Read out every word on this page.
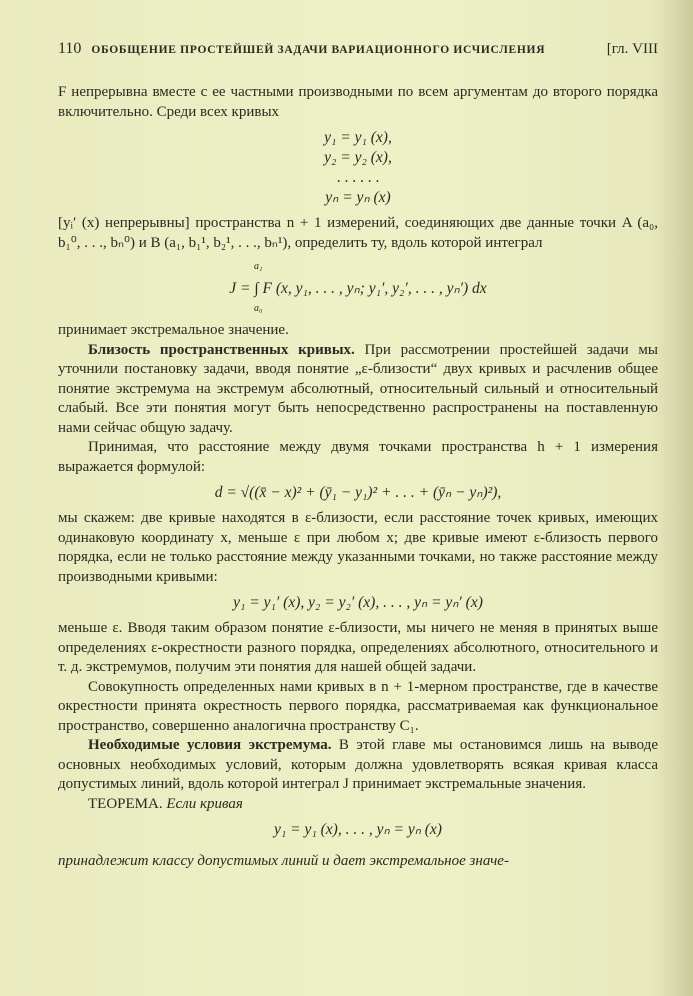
110 ОБОБЩЕНИЕ ПРОСТЕЙШЕЙ ЗАДАЧИ ВАРИАЦИОННОГО ИСЧИСЛЕНИЯ	[гл. VIII

F непрерывна вместе с ее частными производными по всем аргументам до второго порядка включительно. Среди всех кривых

y₁ = y₁ (x),
y₂ = y₂ (x),
. . . . . .
yₙ = yₙ (x)

[yᵢ′ (x) непрерывны] пространства n + 1 измерений, соединяющих две данные точки A (a₀, b₁⁰, . . ., bₙ⁰) и B (a₁, b₁¹, b₂¹, . . ., bₙ¹), определить ту, вдоль которой интеграл

a₁
J = ∫ F (x, y₁, . . . , yₙ; y₁′, y₂′, . . . , yₙ′) dx
a₀

принимает экстремальное значение.

Близость пространственных кривых. При рассмотрении простейшей задачи мы уточнили постановку задачи, вводя понятие „ε-близости“ двух кривых и расчленив общее понятие экстремума на экстремум абсолютный, относительный сильный и относительный слабый. Все эти понятия могут быть непосредственно распространены на поставленную нами сейчас общую задачу.

Принимая, что расстояние между двумя точками пространства h + 1 измерения выражается формулой:

d = √((x̄ − x)² + (ȳ₁ − y₁)² + . . . + (ȳₙ − yₙ)²),

мы скажем: две кривые находятся в ε-близости, если расстояние точек кривых, имеющих одинаковую координату x, меньше ε при любом x; две кривые имеют ε-близость первого порядка, если не только расстояние между указанными точками, но также расстояние между производными кривыми:

y₁ = y₁′ (x), y₂ = y₂′ (x), . . . , yₙ = yₙ′ (x)

меньше ε. Вводя таким образом понятие ε-близости, мы ничего не меняя в принятых выше определениях ε-окрестности разного порядка, определениях абсолютного, относительного и т. д. экстремумов, получим эти понятия для нашей общей задачи.

Совокупность определенных нами кривых в n + 1-мерном пространстве, где в качестве окрестности принята окрестность первого порядка, рассматриваемая как функциональное пространство, совершенно аналогична пространству C₁.

Необходимые условия экстремума. В этой главе мы остановимся лишь на выводе основных необходимых условий, которым должна удовлетворять всякая кривая класса допустимых линий, вдоль которой интеграл J принимает экстремальные значения.

ТЕОРЕМА. Если кривая

y₁ = y₁ (x), . . . , yₙ = yₙ (x)

принадлежит классу допустимых линий и дает экстремальное значе-
